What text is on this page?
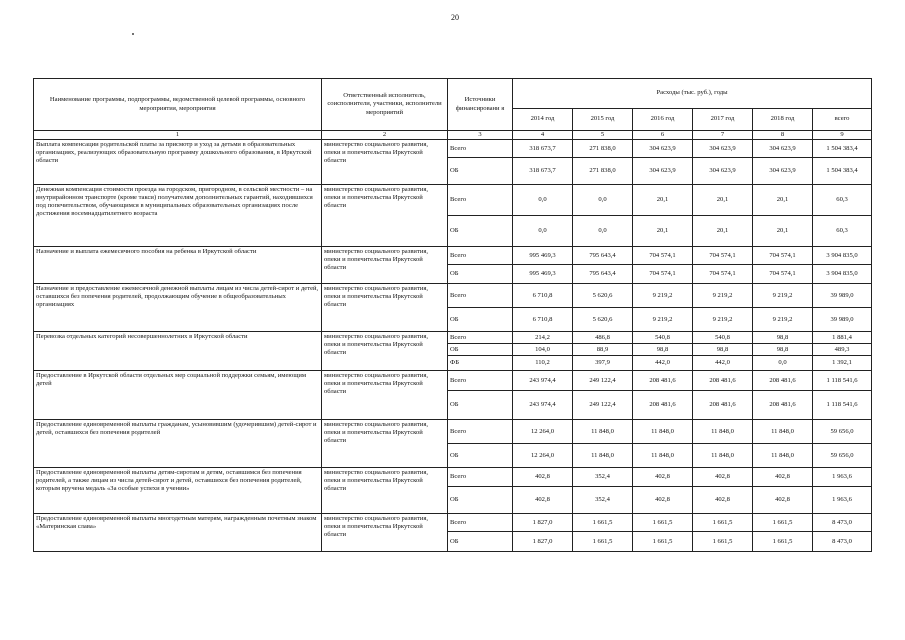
20
Наименование программы, подпрограммы, ведомственной целевой программы, основного мероприятия, мероприятия	Ответственный исполнитель, соисполнители, участники, исполнители мероприятий	Источники финансировани я	Расходы (тыс. руб.), годы					
			2014 год	2015 год	2016 год	2017 год	2018 год	всего
1	2	3	4	5	6	7	8	9
Выплата компенсации родительской платы за присмотр и уход за детьми в образовательных организациях, реализующих образовательную программу дошкольного образования, в Иркутской области	министерство социального развития, опеки и попечительства Иркутской области	Всего	318 673,7	271 838,0	304 623,9	304 623,9	304 623,9	1 504 383,4
		ОБ	318 673,7	271 838,0	304 623,9	304 623,9	304 623,9	1 504 383,4
Денежная компенсация стоимости проезда на городском, пригородном, в сельской местности – на внутрирайонном транспорте (кроме такси) получателям дополнительных гарантий, находившихся под попечительством, обучающимся в муниципальных образовательных организациях после достижения восемнадцатилетнего возраста	министерство социального развития, опеки и попечительства Иркутской области	Всего	0,0	0,0	20,1	20,1	20,1	60,3
		ОБ	0,0	0,0	20,1	20,1	20,1	60,3
Назначение и выплата ежемесячного пособия на ребенка в Иркутской области	министерство социального развития, опеки и попечительства Иркутской области	Всего	995 469,3	795 643,4	704 574,1	704 574,1	704 574,1	3 904 835,0
		ОБ	995 469,3	795 643,4	704 574,1	704 574,1	704 574,1	3 904 835,0
Назначение и предоставление ежемесячной денежной выплаты лицам из числа детей-сирот и детей, оставшихся без попечения родителей, продолжающим обучение в общеобразовательных организациях	министерство социального развития, опеки и попечительства Иркутской области	Всего	6 710,8	5 620,6	9 219,2	9 219,2	9 219,2	39 989,0
		ОБ	6 710,8	5 620,6	9 219,2	9 219,2	9 219,2	39 989,0
Перевозка отдельных категорий несовершеннолетних в Иркутской области	министерство социального развития, опеки и попечительства Иркутской области	Всего	214,2	486,8	540,8	540,8	98,8	1 881,4
		ОБ	104,0	88,9	98,8	98,8	98,8	489,3
		ФБ	110,2	397,9	442,0	442,0	0,0	1 392,1
Предоставление в Иркутской области отдельных мер социальной поддержки семьям, имеющим детей	министерство социального развития, опеки и попечительства Иркутской области	Всего	243 974,4	249 122,4	208 481,6	208 481,6	208 481,6	1 118 541,6
		ОБ	243 974,4	249 122,4	208 481,6	208 481,6	208 481,6	1 118 541,6
Предоставление единовременной выплаты гражданам, усыновившим (удочерившим) детей-сирот и детей, оставшихся без попечения родителей	министерство социального развития, опеки и попечительства Иркутской области	Всего	12 264,0	11 848,0	11 848,0	11 848,0	11 848,0	59 656,0
		ОБ	12 264,0	11 848,0	11 848,0	11 848,0	11 848,0	59 656,0
Предоставление единовременной выплаты детям-сиротам и детям, оставшимся без попечения родителей, а также лицам из числа детей-сирот и детей, оставшихся без попечения родителей, которым вручена медаль «За особые успехи в учении»	министерство социального развития, опеки и попечительства Иркутской области	Всего	402,8	352,4	402,8	402,8	402,8	1 963,6
		ОБ	402,8	352,4	402,8	402,8	402,8	1 963,6
Предоставление единовременной выплаты многодетным матерям, награжденным почетным знаком «Материнская слава»	министерство социального развития, опеки и попечительства Иркутской области	Всего	1 827,0	1 661,5	1 661,5	1 661,5	1 661,5	8 473,0
		ОБ	1 827,0	1 661,5	1 661,5	1 661,5	1 661,5	8 473,0
